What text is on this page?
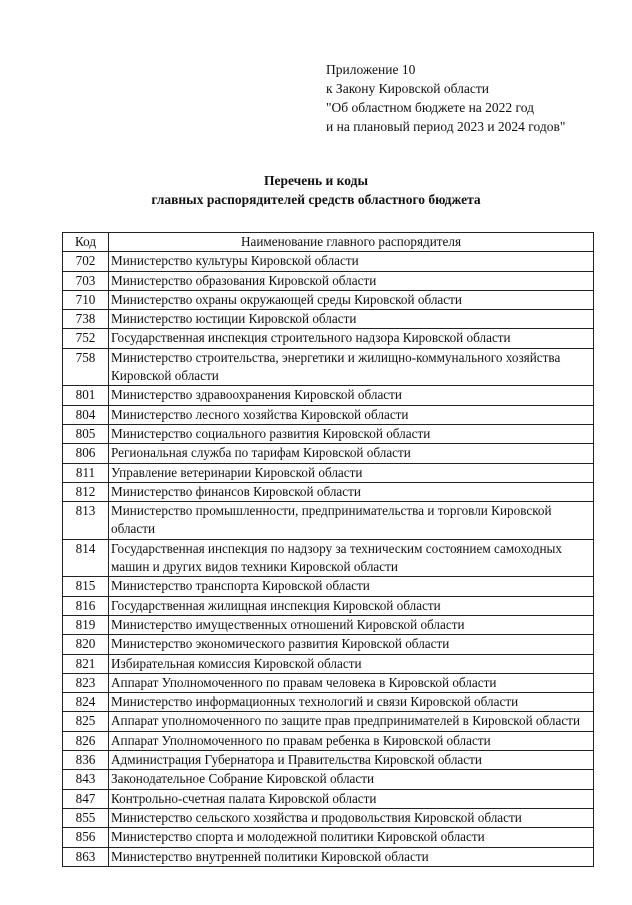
Приложение 10
к Закону Кировской области
"Об областном бюджете на 2022 год
и на плановый период 2023 и 2024 годов"
Перечень и коды
главных распорядителей средств областного бюджета
Код	Наименование главного распорядителя
702	Министерство культуры Кировской области
703	Министерство образования Кировской области
710	Министерство охраны окружающей среды Кировской области
738	Министерство юстиции Кировской области
752	Государственная инспекция строительного надзора Кировской области
758	Министерство строительства, энергетики и жилищно-коммунального хозяйства Кировской области
801	Министерство здравоохранения Кировской области
804	Министерство лесного хозяйства Кировской области
805	Министерство социального развития Кировской области
806	Региональная служба по тарифам Кировской области
811	Управление ветеринарии Кировской области
812	Министерство финансов Кировской области
813	Министерство промышленности, предпринимательства и торговли Кировской области
814	Государственная инспекция по надзору за техническим состоянием самоходных машин и других видов техники Кировской области
815	Министерство транспорта Кировской области
816	Государственная жилищная инспекция Кировской области
819	Министерство имущественных отношений Кировской области
820	Министерство экономического развития Кировской области
821	Избирательная комиссия Кировской области
823	Аппарат Уполномоченного по правам человека в Кировской области
824	Министерство информационных технологий и связи Кировской области
825	Аппарат уполномоченного по защите прав предпринимателей в Кировской области
826	Аппарат Уполномоченного по правам ребенка в Кировской области
836	Администрация Губернатора и Правительства Кировской области
843	Законодательное Собрание Кировской области
847	Контрольно-счетная палата Кировской области
855	Министерство сельского хозяйства и продовольствия Кировской области
856	Министерство спорта и молодежной политики Кировской области
863	Министерство внутренней политики Кировской области
